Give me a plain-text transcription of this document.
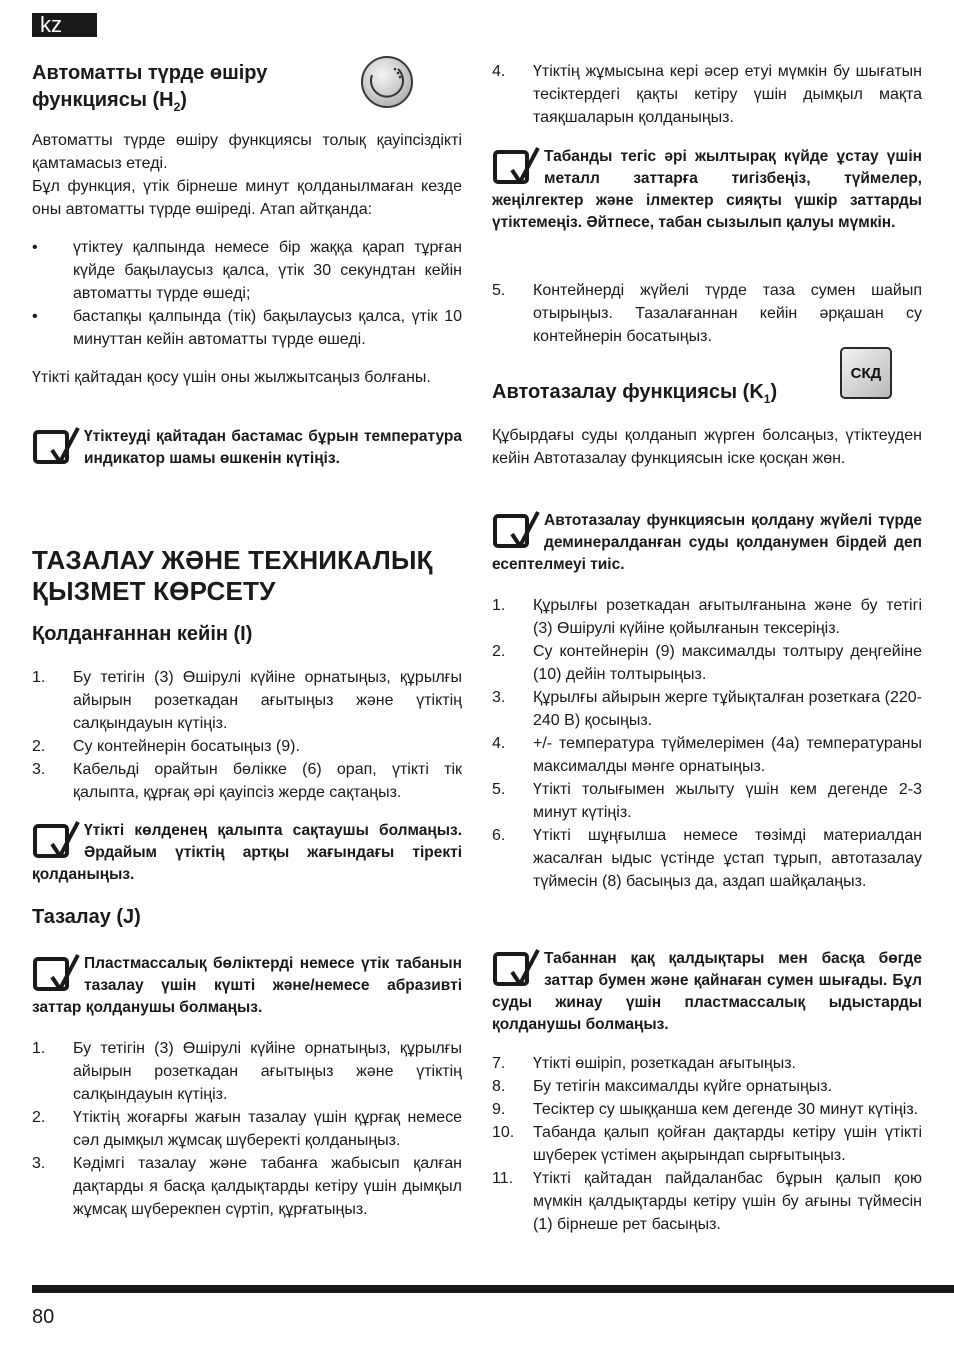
kz
Автоматты түрде өшіру
функциясы $(H_2)$

Автоматты түрде өшіру функциясы толық қауіпсіздікті қамтамасыз етеді.

Бұл функция, үтік бірнеше минут қолданылмаған кезде оны автоматты түрде өшіреді. Атап айтқанда:

• үтіктеу қалпында немесе бір жаққа қарап тұрған күйде бақылаусыз қалса, үтік 30 секундтан кейін автоматты түрде өшеді;
• бастапқы қалпында (тік) бақылаусыз қалса, үтік 10 минуттан кейін автоматты түрде өшеді.

Үтікті қайтадан қосу үшін оны жылжытсаңыз болғаны.

Үтіктеуді қайтадан бастамас бұрын температура индикатор шамы өшкенін күтіңіз.
ТАЗАЛАУ ЖӘНЕ ТЕХНИКАЛЫҚ
ҚЫЗМЕТ КӨРСЕТУ
Қолданғаннан кейін (I)
1. Бу тетігін (3) Өшірулі күйіне орнатыңыз, құрылғы айырын розеткадан ағытыңыз және үтіктің салқындауын күтіңіз.
2. Су контейнерін босатыңыз (9).
3. Кабельді орайтын бөлікке (6) орап, үтікті тік қалыпта, құрғақ әрі қауіпсіз жерде сақтаңыз.
Үтікті көлденең қалыпта сақтаушы болмаңыз. Әрдайым үтіктің артқы жағындағы тіректі қолданыңыз.
Тазалау (J)
Пластмассалық бөліктерді немесе үтік табанын тазалау үшін күшті және/немесе абразивті заттар қолданушы болмаңыз.
1. Бу тетігін (3) Өшірулі күйіне орнатыңыз, құрылғы айырын розеткадан ағытыңыз және үтіктің салқындауын күтіңіз.
2. Үтіктің жоғарғы жағын тазалау үшін құрғақ немесе сәл дымқыл жұмсақ шүберекті қолданыңыз.
3. Кәдімгі тазалау және табанға жабысып қалған дақтарды я басқа қалдықтарды кетіру үшін дымқыл жұмсақ шүберекпен сүртіп, құрғатыңыз.
4. Үтіктің жұмысына кері әсер етуі мүмкін бу шығатын тесіктердегі қақты кетіру үшін дымқыл мақта таяқшаларын қолданыңыз.
Табанды тегіс әрі жылтырақ күйде ұстау үшін металл заттарға тигізбеңіз, түймелер, жеңілгектер және ілмектер сияқты үшкір заттарды үтіктемеңіз. Әйтпесе, табан сызылып қалуы мүмкін.
5. Контейнерді жүйелі түрде таза сумен шайып отырыңыз. Тазалағаннан кейін әрқашан су контейнерін босатыңыз.
Автотазалау функциясы $(K_1)$
СКД

Құбырдағы суды қолданып жүрген болсаңыз, үтіктеуден кейін Автотазалау функциясын іске қосқан жөн.

Автотазалау функциясын қолдану жүйелі түрде деминералданған суды қолданумен бірдей деп есептелмеуі тиіс.
1. Құрылғы розеткадан ағытылғанына және бу тетігі (3) Өшірулі күйіне қойылғанын тексеріңіз.
2. Су контейнерін (9) максималды толтыру деңгейіне (10) дейін толтырыңыз.
3. Құрылғы айырын жерге тұйықталған розеткаға (220-240 В) қосыңыз.
4. +/- температура түймелерімен (4a) температураны максималды мәнге орнатыңыз.
5. Үтікті толығымен жылыту үшін кем дегенде 2-3 минут күтіңіз.
6. Үтікті шұңғылша немесе төзімді материалдан жасалған ыдыс үстінде ұстап тұрып, автотазалау түймесін (8) басыңыз да, аздап шайқалаңыз.
Табаннан қақ қалдықтары мен басқа бөгде заттар бумен және қайнаған сумен шығады. Бұл суды жинау үшін пластмассалық ыдыстарды қолданушы болмаңыз.
7. Үтікті өшіріп, розеткадан ағытыңыз.
8. Бу тетігін максималды күйге орнатыңыз.
9. Тесіктер су шыққанша кем дегенде 30 минут күтіңіз.
10. Табанда қалып қойған дақтарды кетіру үшін үтікті шүберек үстімен ақырындап сырғытыңыз.
11. Үтікті қайтадан пайдаланбас бұрын қалып қою мүмкін қалдықтарды кетіру үшін бу ағыны түймесін (1) бірнеше рет басыңыз.
80
